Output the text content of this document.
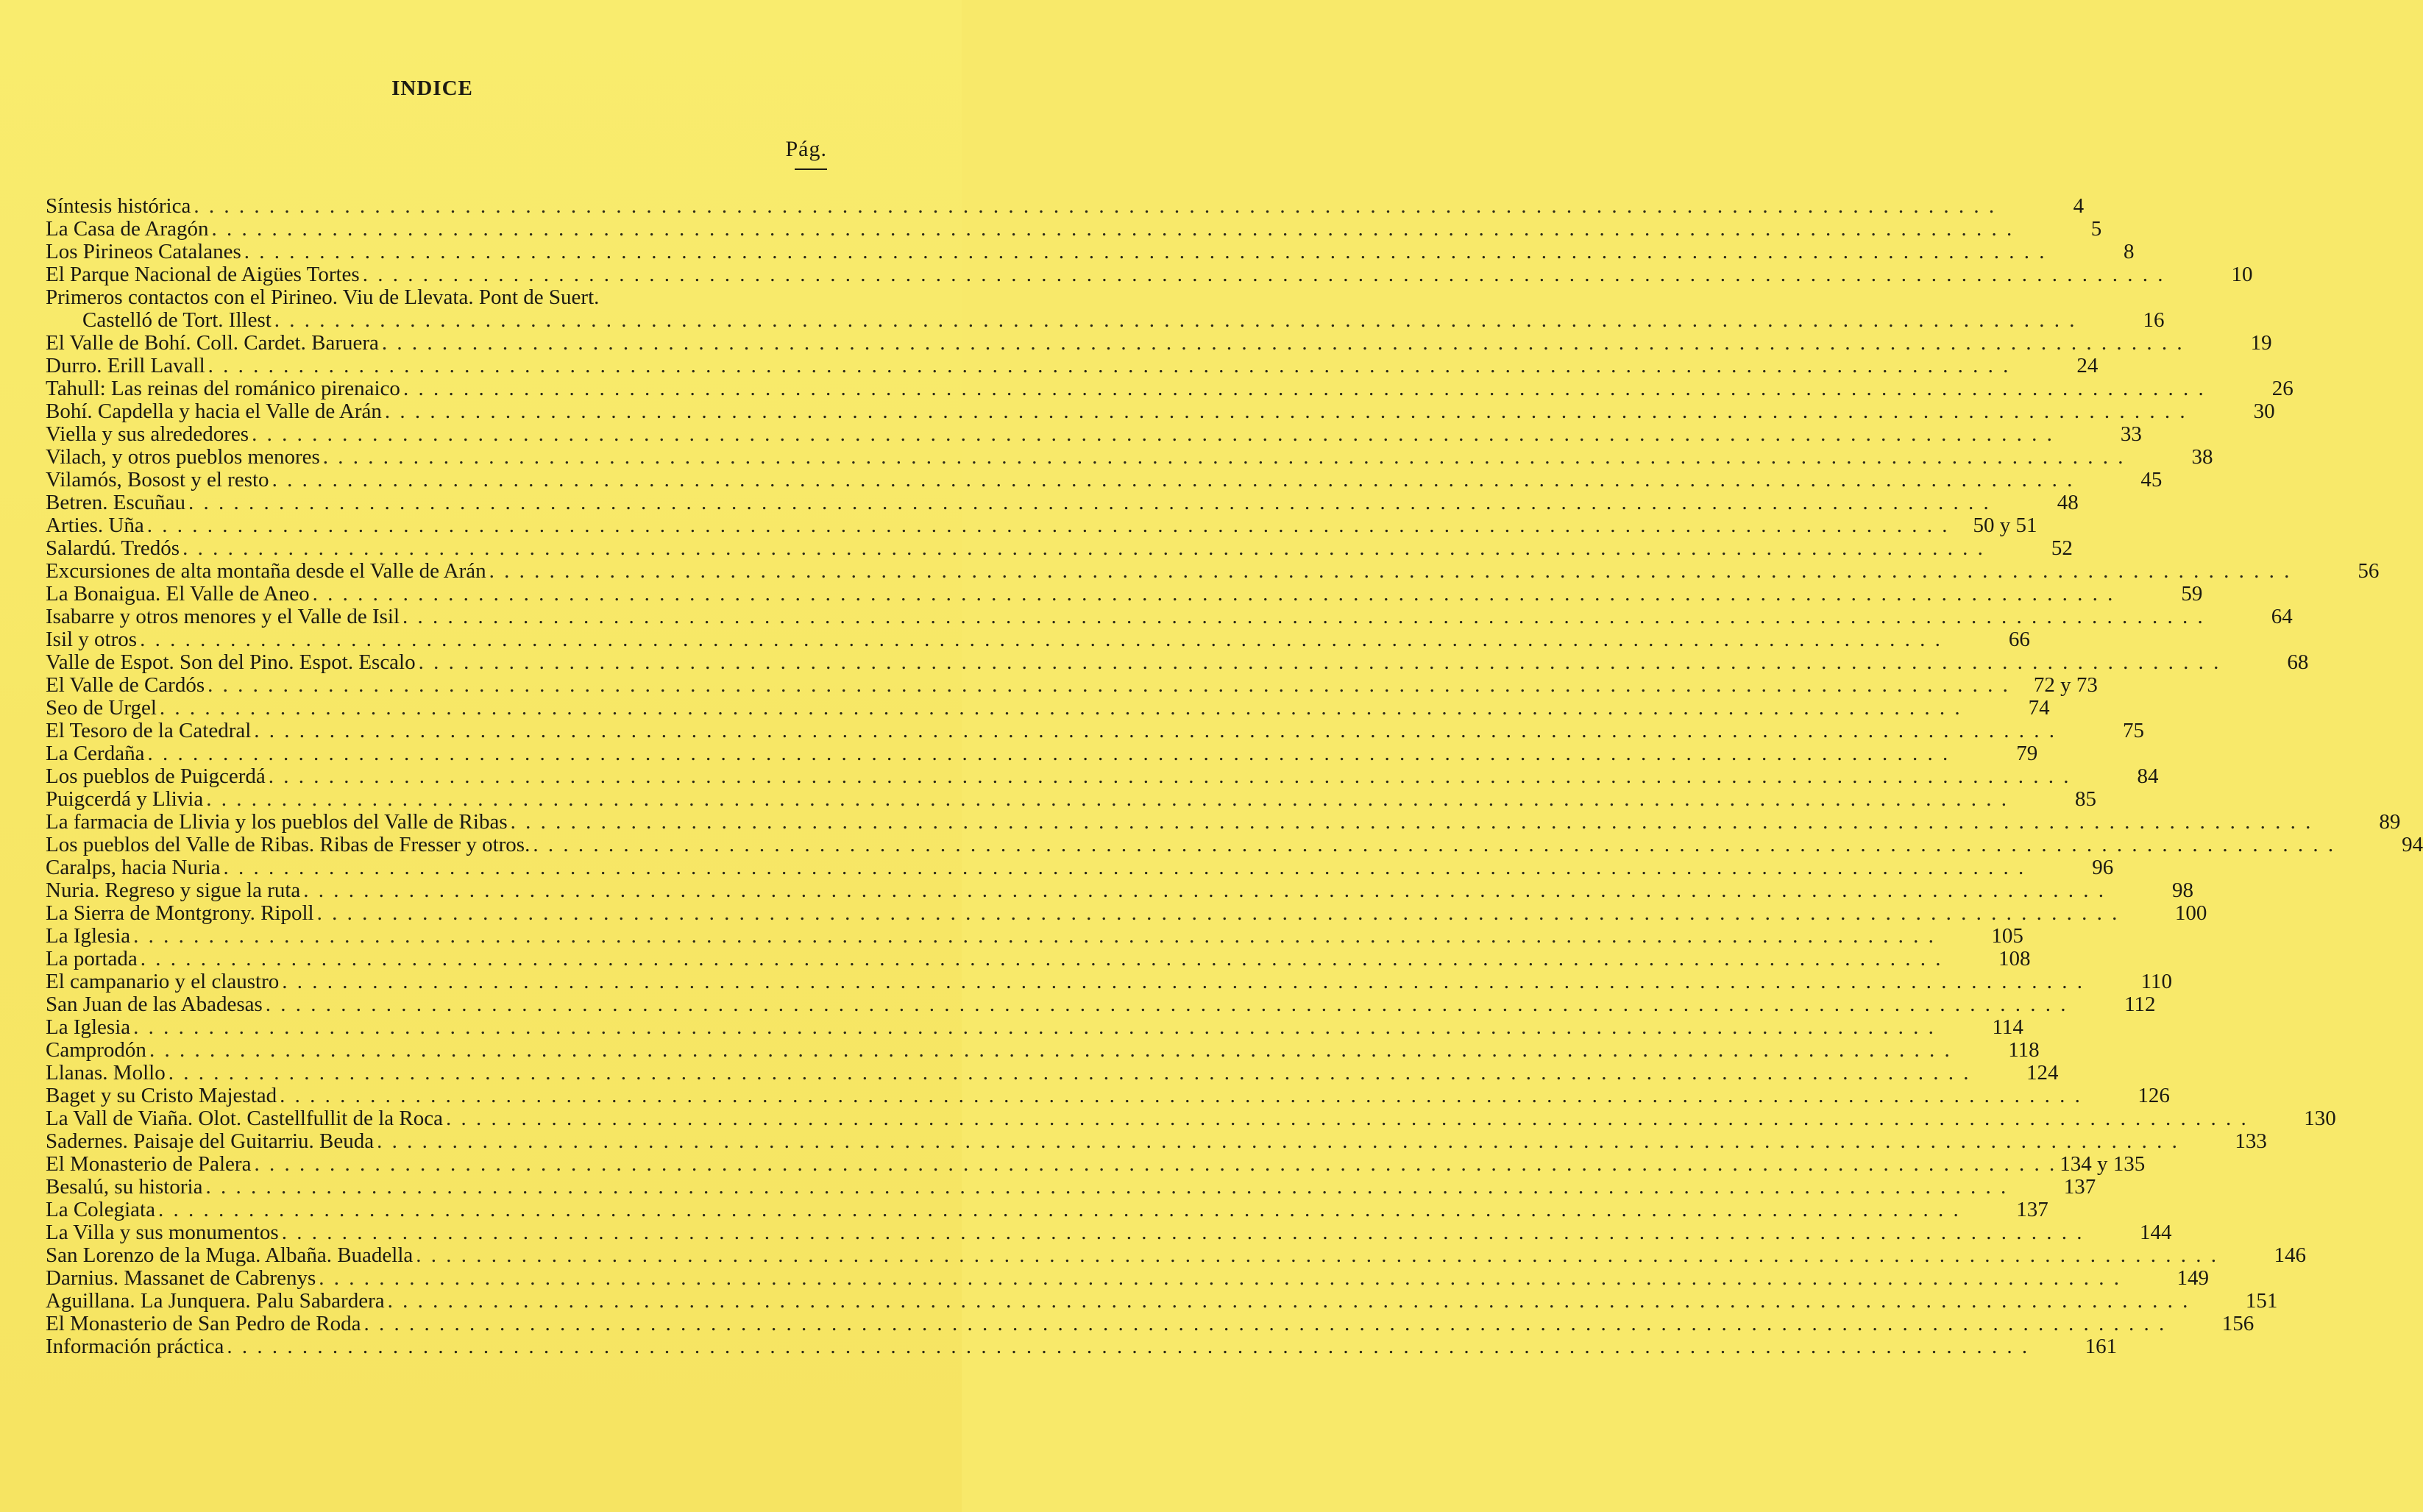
INDICE
Pág.
Síntesis histórica . . . . . . . . . . . . . . . . . . . . . . . . . . . . . . . . . . . . . . . . . . . . . . . . . . . . . . . . . . . . . . . . . . . . . . . . . . . . . . . . . . . . . . . . . . . . . . . . . . . . . . . . . . . . . . . . . . . . . . . .	4
La Casa de Aragón . . . . . . . . . . . . . . . . . . . . . . . . . . . . . . . . . . . . . . . . . . . . . . . . . . . . . . . . . . . . . . . . . . . . . . . . . . . . . . . . . . . . . . . . . . . . . . . . . . . . . . . . . . . . . . . . . . . . . . . .	5
Los Pirineos Catalanes . . . . . . . . . . . . . . . . . . . . . . . . . . . . . . . . . . . . . . . . . . . . . . . . . . . . . . . . . . . . . . . . . . . . . . . . . . . . . . . . . . . . . . . . . . . . . . . . . . . . . . . . . . . . . . . . . . . . . . . .	8
El Parque Nacional de Aigües Tortes . . . . . . . . . . . . . . . . . . . . . . . . . . . . . . . . . . . . . . . . . . . . . . . . . . . . . . . . . . . . . . . . . . . . . . . . . . . . . . . . . . . . . . . . . . . . . . . . . . . . . . . . . . . . . . . . . . . . . . . .	10
Primeros contactos con el Pirineo. Viu de Llevata. Pont de Suert.
Castelló de Tort. Illest . . . . . . . . . . . . . . . . . . . . . . . . . . . . . . . . . . . . . . . . . . . . . . . . . . . . . . . . . . . . . . . . . . . . . . . . . . . . . . . . . . . . . . . . . . . . . . . . . . . . . . . . . . . . . . . . . . . . . . . .	16
El Valle de Bohí. Coll. Cardet. Baruera . . . . . . . . . . . . . . . . . . . . . . . . . . . . . . . . . . . . . . . . . . . . . . . . . . . . . . . . . . . . . . . . . . . . . . . . . . . . . . . . . . . . . . . . . . . . . . . . . . . . . . . . . . . . . . . . . . . . . . . .	19
Durro. Erill Lavall . . . . . . . . . . . . . . . . . . . . . . . . . . . . . . . . . . . . . . . . . . . . . . . . . . . . . . . . . . . . . . . . . . . . . . . . . . . . . . . . . . . . . . . . . . . . . . . . . . . . . . . . . . . . . . . . . . . . . . . .	24
Tahull: Las reinas del románico pirenaico . . . . . . . . . . . . . . . . . . . . . . . . . . . . . . . . . . . . . . . . . . . . . . . . . . . . . . . . . . . . . . . . . . . . . . . . . . . . . . . . . . . . . . . . . . . . . . . . . . . . . . . . . . . . . . . . . . . . . . . .	26
Bohí. Capdella y hacia el Valle de Arán . . . . . . . . . . . . . . . . . . . . . . . . . . . . . . . . . . . . . . . . . . . . . . . . . . . . . . . . . . . . . . . . . . . . . . . . . . . . . . . . . . . . . . . . . . . . . . . . . . . . . . . . . . . . . . . . . . . . . . . .	30
Viella y sus alrededores . . . . . . . . . . . . . . . . . . . . . . . . . . . . . . . . . . . . . . . . . . . . . . . . . . . . . . . . . . . . . . . . . . . . . . . . . . . . . . . . . . . . . . . . . . . . . . . . . . . . . . . . . . . . . . . . . . . . . . . .	33
Vilach, y otros pueblos menores . . . . . . . . . . . . . . . . . . . . . . . . . . . . . . . . . . . . . . . . . . . . . . . . . . . . . . . . . . . . . . . . . . . . . . . . . . . . . . . . . . . . . . . . . . . . . . . . . . . . . . . . . . . . . . . . . . . . . . . .	38
Vilamós, Bosost y el resto . . . . . . . . . . . . . . . . . . . . . . . . . . . . . . . . . . . . . . . . . . . . . . . . . . . . . . . . . . . . . . . . . . . . . . . . . . . . . . . . . . . . . . . . . . . . . . . . . . . . . . . . . . . . . . . . . . . . . . . .	45
Betren. Escuñau . . . . . . . . . . . . . . . . . . . . . . . . . . . . . . . . . . . . . . . . . . . . . . . . . . . . . . . . . . . . . . . . . . . . . . . . . . . . . . . . . . . . . . . . . . . . . . . . . . . . . . . . . . . . . . . . . . . . . . . .	48
Arties. Uña . . . . . . . . . . . . . . . . . . . . . . . . . . . . . . . . . . . . . . . . . . . . . . . . . . . . . . . . . . . . . . . . . . . . . . . . . . . . . . . . . . . . . . . . . . . . . . . . . . . . . . . . . . . . . . . . . . . . . . . .	50 y 51
Salardú. Tredós . . . . . . . . . . . . . . . . . . . . . . . . . . . . . . . . . . . . . . . . . . . . . . . . . . . . . . . . . . . . . . . . . . . . . . . . . . . . . . . . . . . . . . . . . . . . . . . . . . . . . . . . . . . . . . . . . . . . . . . .	52
Excursiones de alta montaña desde el Valle de Arán . . . . . . . . . . . . . . . . . . . . . . . . . . . . . . . . . . . . . . . . . . . . . . . . . . . . . . . . . . . . . . . . . . . . . . . . . . . . . . . . . . . . . . . . . . . . . . . . . . . . . . . . . . . . . . . . . . . . . . . .	56
La Bonaigua. El Valle de Aneo . . . . . . . . . . . . . . . . . . . . . . . . . . . . . . . . . . . . . . . . . . . . . . . . . . . . . . . . . . . . . . . . . . . . . . . . . . . . . . . . . . . . . . . . . . . . . . . . . . . . . . . . . . . . . . . . . . . . . . . .	59
Isabarre y otros menores y el Valle de Isil . . . . . . . . . . . . . . . . . . . . . . . . . . . . . . . . . . . . . . . . . . . . . . . . . . . . . . . . . . . . . . . . . . . . . . . . . . . . . . . . . . . . . . . . . . . . . . . . . . . . . . . . . . . . . . . . . . . . . . . .	64
Isil y otros . . . . . . . . . . . . . . . . . . . . . . . . . . . . . . . . . . . . . . . . . . . . . . . . . . . . . . . . . . . . . . . . . . . . . . . . . . . . . . . . . . . . . . . . . . . . . . . . . . . . . . . . . . . . . . . . . . . . . . . .	66
Valle de Espot. Son del Pino. Espot. Escalo . . . . . . . . . . . . . . . . . . . . . . . . . . . . . . . . . . . . . . . . . . . . . . . . . . . . . . . . . . . . . . . . . . . . . . . . . . . . . . . . . . . . . . . . . . . . . . . . . . . . . . . . . . . . . . . . . . . . . . . .	68
El Valle de Cardós . . . . . . . . . . . . . . . . . . . . . . . . . . . . . . . . . . . . . . . . . . . . . . . . . . . . . . . . . . . . . . . . . . . . . . . . . . . . . . . . . . . . . . . . . . . . . . . . . . . . . . . . . . . . . . . . . . . . . . . .	72 y 73
Seo de Urgel . . . . . . . . . . . . . . . . . . . . . . . . . . . . . . . . . . . . . . . . . . . . . . . . . . . . . . . . . . . . . . . . . . . . . . . . . . . . . . . . . . . . . . . . . . . . . . . . . . . . . . . . . . . . . . . . . . . . . . . .	74
El Tesoro de la Catedral . . . . . . . . . . . . . . . . . . . . . . . . . . . . . . . . . . . . . . . . . . . . . . . . . . . . . . . . . . . . . . . . . . . . . . . . . . . . . . . . . . . . . . . . . . . . . . . . . . . . . . . . . . . . . . . . . . . . . . . .	75
La Cerdaña . . . . . . . . . . . . . . . . . . . . . . . . . . . . . . . . . . . . . . . . . . . . . . . . . . . . . . . . . . . . . . . . . . . . . . . . . . . . . . . . . . . . . . . . . . . . . . . . . . . . . . . . . . . . . . . . . . . . . . . .	79
Los pueblos de Puigcerdá . . . . . . . . . . . . . . . . . . . . . . . . . . . . . . . . . . . . . . . . . . . . . . . . . . . . . . . . . . . . . . . . . . . . . . . . . . . . . . . . . . . . . . . . . . . . . . . . . . . . . . . . . . . . . . . . . . . . . . . .	84
Puigcerdá y Llivia . . . . . . . . . . . . . . . . . . . . . . . . . . . . . . . . . . . . . . . . . . . . . . . . . . . . . . . . . . . . . . . . . . . . . . . . . . . . . . . . . . . . . . . . . . . . . . . . . . . . . . . . . . . . . . . . . . . . . . . .	85
La farmacia de Llivia y los pueblos del Valle de Ribas . . . . . . . . . . . . . . . . . . . . . . . . . . . . . . . . . . . . . . . . . . . . . . . . . . . . . . . . . . . . . . . . . . . . . . . . . . . . . . . . . . . . . . . . . . . . . . . . . . . . . . . . . . . . . . . . . . . . . . . .	89
Los pueblos del Valle de Ribas. Ribas de Fresser y otros. . . . . . . . . . . . . . . . . . . . . . . . . . . . . . . . . . . . . . . . . . . . . . . . . . . . . . . . . . . . . . . . . . . . . . . . . . . . . . . . . . . . . . . . . . . . . . . . . . . . . . . . . . . . . . . . . . . . . . . . .	94
Caralps, hacia Nuria . . . . . . . . . . . . . . . . . . . . . . . . . . . . . . . . . . . . . . . . . . . . . . . . . . . . . . . . . . . . . . . . . . . . . . . . . . . . . . . . . . . . . . . . . . . . . . . . . . . . . . . . . . . . . . . . . . . . . . . .	96
Nuria. Regreso y sigue la ruta . . . . . . . . . . . . . . . . . . . . . . . . . . . . . . . . . . . . . . . . . . . . . . . . . . . . . . . . . . . . . . . . . . . . . . . . . . . . . . . . . . . . . . . . . . . . . . . . . . . . . . . . . . . . . . . . . . . . . . . .	98
La Sierra de Montgrony. Ripoll . . . . . . . . . . . . . . . . . . . . . . . . . . . . . . . . . . . . . . . . . . . . . . . . . . . . . . . . . . . . . . . . . . . . . . . . . . . . . . . . . . . . . . . . . . . . . . . . . . . . . . . . . . . . . . . . . . . . . . . .	100
La Iglesia . . . . . . . . . . . . . . . . . . . . . . . . . . . . . . . . . . . . . . . . . . . . . . . . . . . . . . . . . . . . . . . . . . . . . . . . . . . . . . . . . . . . . . . . . . . . . . . . . . . . . . . . . . . . . . . . . . . . . . . .	105
La portada . . . . . . . . . . . . . . . . . . . . . . . . . . . . . . . . . . . . . . . . . . . . . . . . . . . . . . . . . . . . . . . . . . . . . . . . . . . . . . . . . . . . . . . . . . . . . . . . . . . . . . . . . . . . . . . . . . . . . . . .	108
El campanario y el claustro . . . . . . . . . . . . . . . . . . . . . . . . . . . . . . . . . . . . . . . . . . . . . . . . . . . . . . . . . . . . . . . . . . . . . . . . . . . . . . . . . . . . . . . . . . . . . . . . . . . . . . . . . . . . . . . . . . . . . . . .	110
San Juan de las Abadesas . . . . . . . . . . . . . . . . . . . . . . . . . . . . . . . . . . . . . . . . . . . . . . . . . . . . . . . . . . . . . . . . . . . . . . . . . . . . . . . . . . . . . . . . . . . . . . . . . . . . . . . . . . . . . . . . . . . . . . . .	112
La Iglesia . . . . . . . . . . . . . . . . . . . . . . . . . . . . . . . . . . . . . . . . . . . . . . . . . . . . . . . . . . . . . . . . . . . . . . . . . . . . . . . . . . . . . . . . . . . . . . . . . . . . . . . . . . . . . . . . . . . . . . . .	114
Camprodón . . . . . . . . . . . . . . . . . . . . . . . . . . . . . . . . . . . . . . . . . . . . . . . . . . . . . . . . . . . . . . . . . . . . . . . . . . . . . . . . . . . . . . . . . . . . . . . . . . . . . . . . . . . . . . . . . . . . . . . .	118
Llanas. Mollo . . . . . . . . . . . . . . . . . . . . . . . . . . . . . . . . . . . . . . . . . . . . . . . . . . . . . . . . . . . . . . . . . . . . . . . . . . . . . . . . . . . . . . . . . . . . . . . . . . . . . . . . . . . . . . . . . . . . . . . .	124
Baget y su Cristo Majestad . . . . . . . . . . . . . . . . . . . . . . . . . . . . . . . . . . . . . . . . . . . . . . . . . . . . . . . . . . . . . . . . . . . . . . . . . . . . . . . . . . . . . . . . . . . . . . . . . . . . . . . . . . . . . . . . . . . . . . . .	126
La Vall de Viaña. Olot. Castellfullit de la Roca . . . . . . . . . . . . . . . . . . . . . . . . . . . . . . . . . . . . . . . . . . . . . . . . . . . . . . . . . . . . . . . . . . . . . . . . . . . . . . . . . . . . . . . . . . . . . . . . . . . . . . . . . . . . . . . . . . . . . . . .	130
Sadernes. Paisaje del Guitarriu. Beuda . . . . . . . . . . . . . . . . . . . . . . . . . . . . . . . . . . . . . . . . . . . . . . . . . . . . . . . . . . . . . . . . . . . . . . . . . . . . . . . . . . . . . . . . . . . . . . . . . . . . . . . . . . . . . . . . . . . . . . . .	133
El Monasterio de Palera . . . . . . . . . . . . . . . . . . . . . . . . . . . . . . . . . . . . . . . . . . . . . . . . . . . . . . . . . . . . . . . . . . . . . . . . . . . . . . . . . . . . . . . . . . . . . . . . . . . . . . . . . . . . . . . . . . . . . . . . 134 y 135
Besalú, su historia . . . . . . . . . . . . . . . . . . . . . . . . . . . . . . . . . . . . . . . . . . . . . . . . . . . . . . . . . . . . . . . . . . . . . . . . . . . . . . . . . . . . . . . . . . . . . . . . . . . . . . . . . . . . . . . . . . . . . . . .	137
La Colegiata . . . . . . . . . . . . . . . . . . . . . . . . . . . . . . . . . . . . . . . . . . . . . . . . . . . . . . . . . . . . . . . . . . . . . . . . . . . . . . . . . . . . . . . . . . . . . . . . . . . . . . . . . . . . . . . . . . . . . . . .	137
La Villa y sus monumentos . . . . . . . . . . . . . . . . . . . . . . . . . . . . . . . . . . . . . . . . . . . . . . . . . . . . . . . . . . . . . . . . . . . . . . . . . . . . . . . . . . . . . . . . . . . . . . . . . . . . . . . . . . . . . . . . . . . . . . . .	144
San Lorenzo de la Muga. Albaña. Buadella . . . . . . . . . . . . . . . . . . . . . . . . . . . . . . . . . . . . . . . . . . . . . . . . . . . . . . . . . . . . . . . . . . . . . . . . . . . . . . . . . . . . . . . . . . . . . . . . . . . . . . . . . . . . . . . . . . . . . . . .	146
Darnius. Massanet de Cabrenys . . . . . . . . . . . . . . . . . . . . . . . . . . . . . . . . . . . . . . . . . . . . . . . . . . . . . . . . . . . . . . . . . . . . . . . . . . . . . . . . . . . . . . . . . . . . . . . . . . . . . . . . . . . . . . . . . . . . . . . .	149
Aguillana. La Junquera. Palu Sabardera . . . . . . . . . . . . . . . . . . . . . . . . . . . . . . . . . . . . . . . . . . . . . . . . . . . . . . . . . . . . . . . . . . . . . . . . . . . . . . . . . . . . . . . . . . . . . . . . . . . . . . . . . . . . . . . . . . . . . . . .	151
El Monasterio de San Pedro de Roda . . . . . . . . . . . . . . . . . . . . . . . . . . . . . . . . . . . . . . . . . . . . . . . . . . . . . . . . . . . . . . . . . . . . . . . . . . . . . . . . . . . . . . . . . . . . . . . . . . . . . . . . . . . . . . . . . . . . . . . .	156
Información práctica . . . . . . . . . . . . . . . . . . . . . . . . . . . . . . . . . . . . . . . . . . . . . . . . . . . . . . . . . . . . . . . . . . . . . . . . . . . . . . . . . . . . . . . . . . . . . . . . . . . . . . . . . . . . . . . . . . . . . . . .	161
